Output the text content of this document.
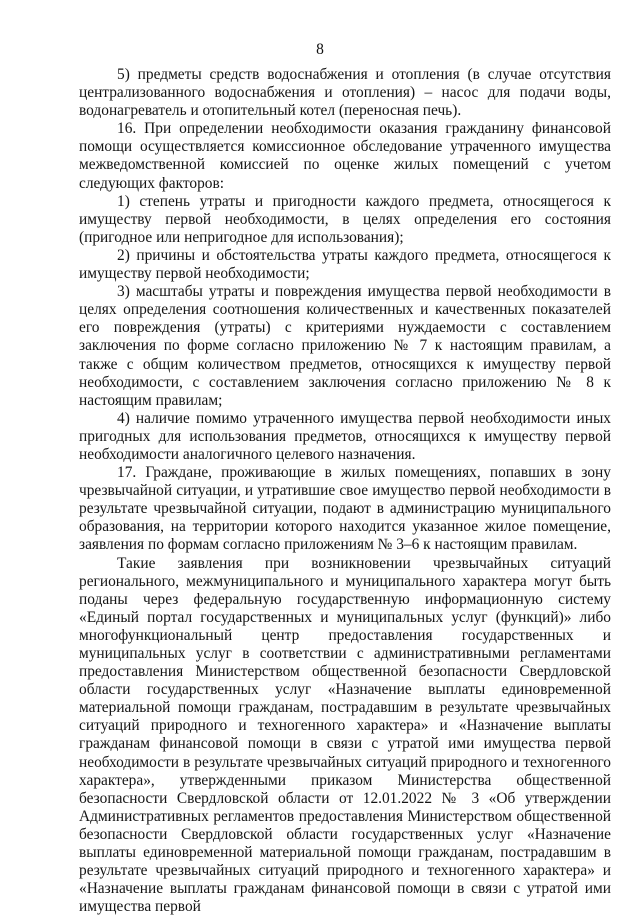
8

5) предметы средств водоснабжения и отопления (в случае отсутствия централизованного водоснабжения и отопления) – насос для подачи воды, водонагреватель и отопительный котел (переносная печь).

16. При определении необходимости оказания гражданину финансовой помощи осуществляется комиссионное обследование утраченного имущества межведомственной комиссией по оценке жилых помещений с учетом следующих факторов:

1) степень утраты и пригодности каждого предмета, относящегося к имуществу первой необходимости, в целях определения его состояния (пригодное или непригодное для использования);

2) причины и обстоятельства утраты каждого предмета, относящегося к имуществу первой необходимости;

3) масштабы утраты и повреждения имущества первой необходимости в целях определения соотношения количественных и качественных показателей его повреждения (утраты) с критериями нуждаемости с составлением заключения по форме согласно приложению № 7 к настоящим правилам, а также с общим количеством предметов, относящихся к имуществу первой необходимости, с составлением заключения согласно приложению № 8 к настоящим правилам;

4) наличие помимо утраченного имущества первой необходимости иных пригодных для использования предметов, относящихся к имуществу первой необходимости аналогичного целевого назначения.

17. Граждане, проживающие в жилых помещениях, попавших в зону чрезвычайной ситуации, и утратившие свое имущество первой необходимости в результате чрезвычайной ситуации, подают в администрацию муниципального образования, на территории которого находится указанное жилое помещение, заявления по формам согласно приложениям № 3–6 к настоящим правилам.

Такие заявления при возникновении чрезвычайных ситуаций регионального, межмуниципального и муниципального характера могут быть поданы через федеральную государственную информационную систему «Единый портал государственных и муниципальных услуг (функций)» либо многофункциональный центр предоставления государственных и муниципальных услуг в соответствии с административными регламентами предоставления Министерством общественной безопасности Свердловской области государственных услуг «Назначение выплаты единовременной материальной помощи гражданам, пострадавшим в результате чрезвычайных ситуаций природного и техногенного характера» и «Назначение выплаты гражданам финансовой помощи в связи с утратой ими имущества первой необходимости в результате чрезвычайных ситуаций природного и техногенного характера», утвержденными приказом Министерства общественной безопасности Свердловской области от 12.01.2022 № 3 «Об утверждении Административных регламентов предоставления Министерством общественной безопасности Свердловской области государственных услуг «Назначение выплаты единовременной материальной помощи гражданам, пострадавшим в результате чрезвычайных ситуаций природного и техногенного характера» и «Назначение выплаты гражданам финансовой помощи в связи с утратой ими имущества первой
